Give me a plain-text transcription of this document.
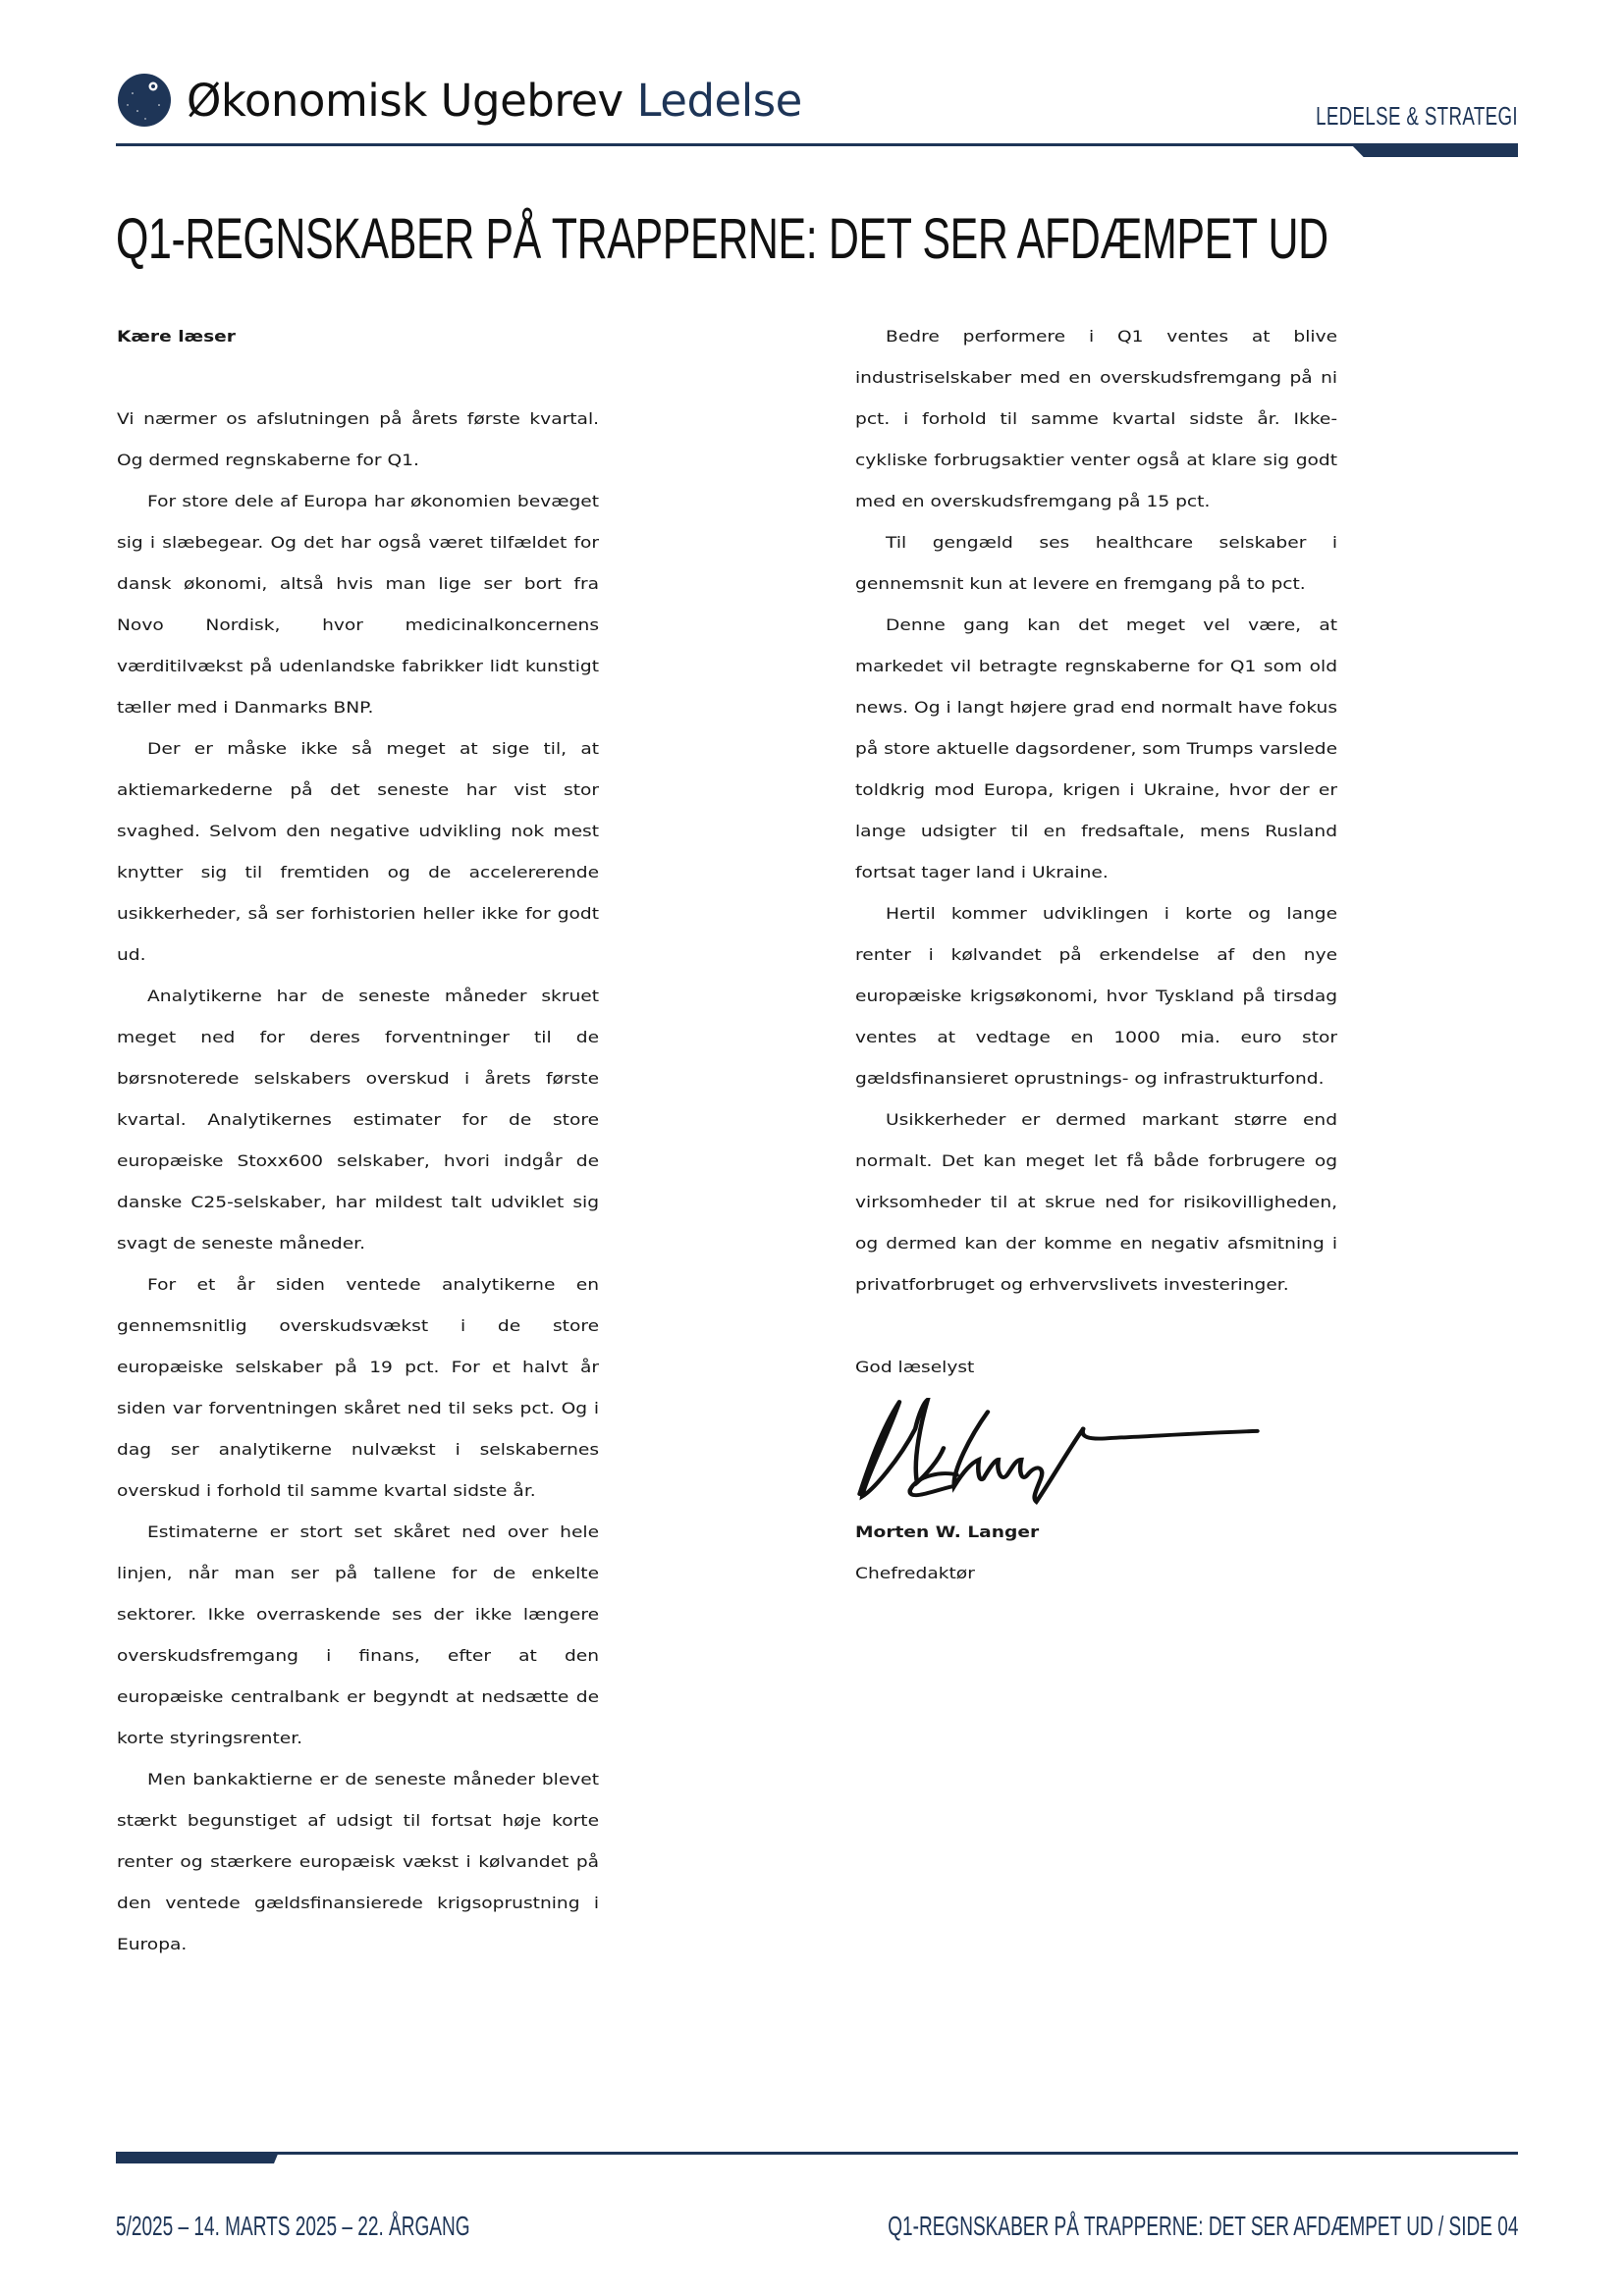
Økonomisk Ugebrev Ledelse	LEDELSE & STRATEGI
Q1-REGNSKABER PÅ TRAPPERNE: DET SER AFDÆMPET UD

Kære læser

Vi nærmer os afslutningen på årets første kvartal. Og dermed regnskaberne for Q1.

For store dele af Europa har økonomien bevæget sig i slæbegear. Og det har også været tilfældet for dansk økonomi, altså hvis man lige ser bort fra Novo Nordisk, hvor medicinalkoncernens værditilvækst på udenlandske fabrikker lidt kunstigt tæller med i Danmarks BNP.

Der er måske ikke så meget at sige til, at aktiemarkederne på det seneste har vist stor svaghed. Selvom den negative udvikling nok mest knytter sig til fremtiden og de accelererende usikkerheder, så ser forhistorien heller ikke for godt ud.

Analytikerne har de seneste måneder skruet meget ned for deres forventninger til de børsnoterede selskabers overskud i årets første kvartal. Analytikernes estimater for de store europæiske Stoxx600 selskaber, hvori indgår de danske C25-selskaber, har mildest talt udviklet sig svagt de seneste måneder.

For et år siden ventede analytikerne en gennemsnitlig overskudsvækst i de store europæiske selskaber på 19 pct. For et halvt år siden var forventningen skåret ned til seks pct. Og i dag ser analytikerne nulvækst i selskabernes overskud i forhold til samme kvartal sidste år.

Estimaterne er stort set skåret ned over hele linjen, når man ser på tallene for de enkelte sektorer. Ikke overraskende ses der ikke længere overskudsfremgang i finans, efter at den europæiske centralbank er begyndt at nedsætte de korte styringsrenter.

Men bankaktierne er de seneste måneder blevet stærkt begunstiget af udsigt til fortsat høje korte renter og stærkere europæisk vækst i kølvandet på den ventede gældsfinansierede krigsoprustning i Europa.

Bedre performere i Q1 ventes at blive industriselskaber med en overskudsfremgang på ni pct. i forhold til samme kvartal sidste år. Ikke-cykliske forbrugsaktier venter også at klare sig godt med en overskudsfremgang på 15 pct.

Til gengæld ses healthcare selskaber i gennemsnit kun at levere en fremgang på to pct.

Denne gang kan det meget vel være, at markedet vil betragte regnskaberne for Q1 som old news. Og i langt højere grad end normalt have fokus på store aktuelle dagsordener, som Trumps varslede toldkrig mod Europa, krigen i Ukraine, hvor der er lange udsigter til en fredsaftale, mens Rusland fortsat tager land i Ukraine.

Hertil kommer udviklingen i korte og lange renter i kølvandet på erkendelse af den nye europæiske krigsøkonomi, hvor Tyskland på tirsdag ventes at vedtage en 1000 mia. euro stor gældsfinansieret oprustnings- og infrastrukturfond.

Usikkerheder er dermed markant større end normalt. Det kan meget let få både forbrugere og virksomheder til at skrue ned for risikovilligheden, og dermed kan der komme en negativ afsmitning i privatforbruget og erhvervslivets investeringer.

God læselyst

Morten W. Langer

Chefredaktør

5/2025 – 14. MARTS 2025 – 22. ÅRGANG	Q1-REGNSKABER PÅ TRAPPERNE: DET SER AFDÆMPET UD / SIDE 04
